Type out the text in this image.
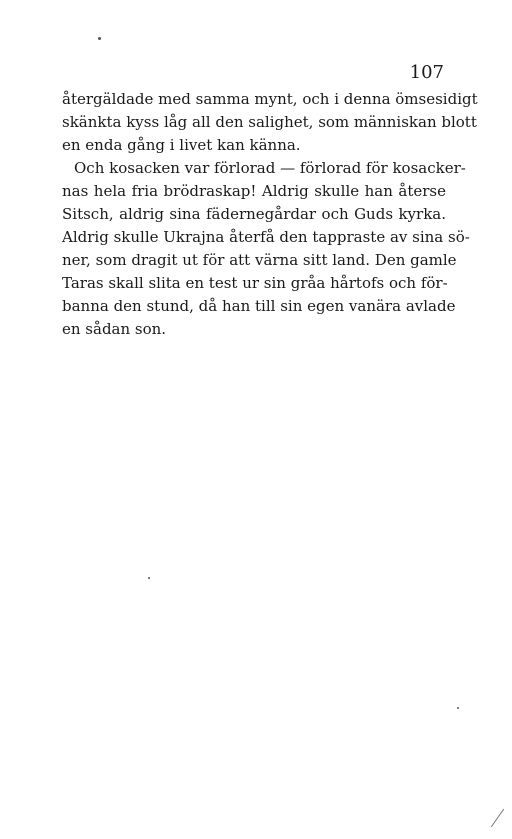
107
återgäldade med samma mynt, och i denna ömsesidigt
skänkta kyss låg all den salighet, som människan blott
en enda gång i livet kan känna.
Och kosacken var förlorad — förlorad för kosacker-
nas hela fria brödraskap! Aldrig skulle han återse
Sitsch, aldrig sina fädernegårdar och Guds kyrka.
Aldrig skulle Ukrajna återfå den tappraste av sina sö-
ner, som dragit ut för att värna sitt land. Den gamle
Taras skall slita en test ur sin gråa hårtofs och för-
banna den stund, då han till sin egen vanära avlade
en sådan son.
